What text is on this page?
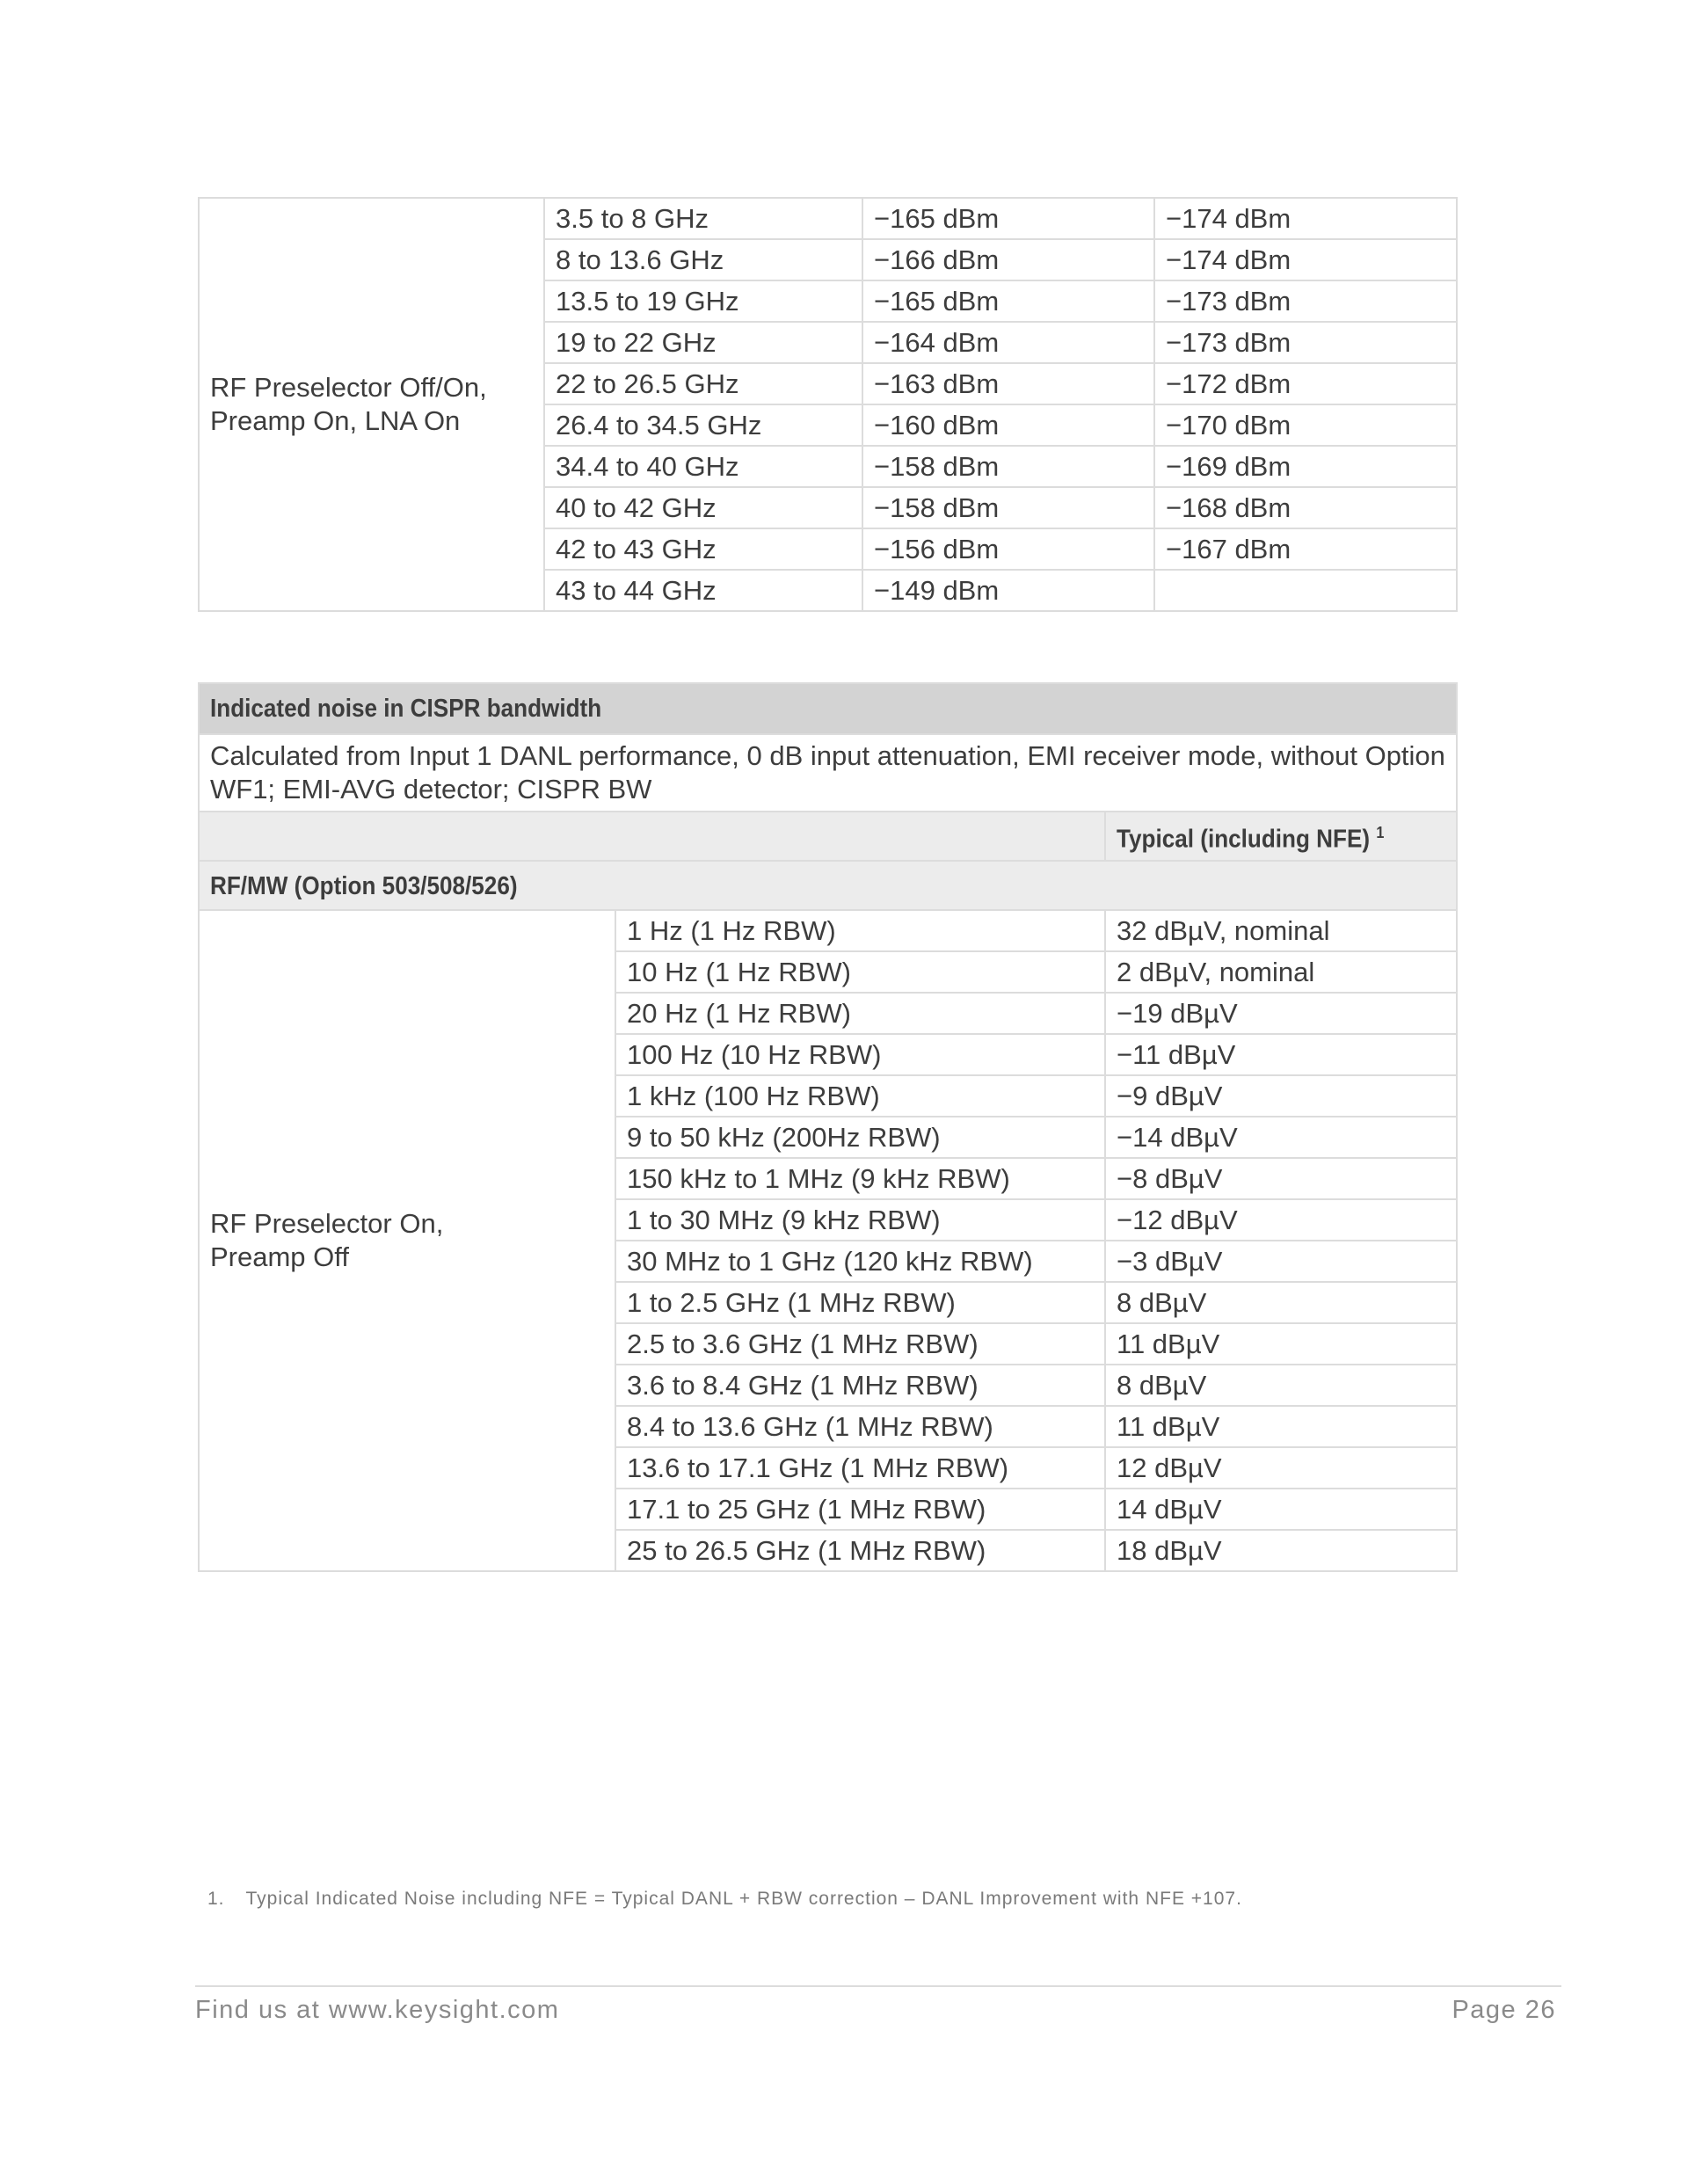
RF Preselector Off/On,
Preamp On, LNA On	3.5 to 8 GHz	−165 dBm	−174 dBm
	8 to 13.6 GHz	−166 dBm	−174 dBm
	13.5 to 19 GHz	−165 dBm	−173 dBm
	19 to 22 GHz	−164 dBm	−173 dBm
	22 to 26.5 GHz	−163 dBm	−172 dBm
	26.4 to 34.5 GHz	−160 dBm	−170 dBm
	34.4 to 40 GHz	−158 dBm	−169 dBm
	40 to 42 GHz	−158 dBm	−168 dBm
	42 to 43 GHz	−156 dBm	−167 dBm
	43 to 44 GHz	−149 dBm	
Indicated noise in CISPR bandwidth		
Calculated from Input 1 DANL performance, 0 dB input attenuation, EMI receiver mode, without Option WF1; EMI-AVG detector; CISPR BW		
		Typical (including NFE) $^1$
RF/MW (Option 503/508/526)		

RF Preselector On,
Preamp Off	1 Hz (1 Hz RBW)	32 dBµV, nominal
	10 Hz (1 Hz RBW)	2 dBµV, nominal
	20 Hz (1 Hz RBW)	−19 dBµV
	100 Hz (10 Hz RBW)	−11 dBµV
	1 kHz (100 Hz RBW)	−9 dBµV
	9 to 50 kHz (200Hz RBW)	−14 dBµV
	150 kHz to 1 MHz (9 kHz RBW)	−8 dBµV
	1 to 30 MHz (9 kHz RBW)	−12 dBµV
	30 MHz to 1 GHz (120 kHz RBW)	−3 dBµV
	1 to 2.5 GHz (1 MHz RBW)	8 dBµV
	2.5 to 3.6 GHz (1 MHz RBW)	11 dBµV
	3.6 to 8.4 GHz (1 MHz RBW)	8 dBµV
	8.4 to 13.6 GHz (1 MHz RBW)	11 dBµV
	13.6 to 17.1 GHz (1 MHz RBW)	12 dBµV
	17.1 to 25 GHz (1 MHz RBW)	14 dBµV
	25 to 26.5 GHz (1 MHz RBW)	18 dBµV
1. Typical Indicated Noise including NFE = Typical DANL + RBW correction – DANL Improvement with NFE +107.
Find us at www.keysight.com	Page 26
